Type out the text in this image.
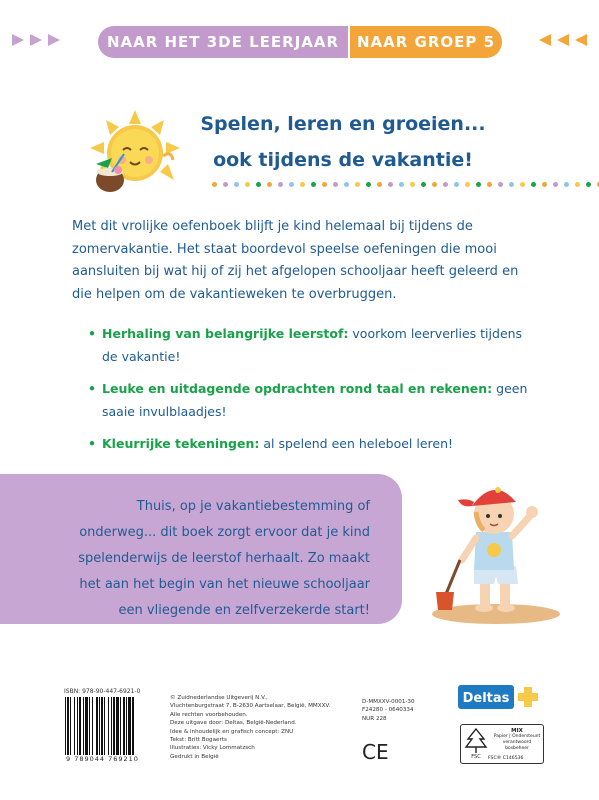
NAAR HET 3DE LEERJAAR	NAAR GROEP 5
Spelen, leren en groeien...
ook tijdens de vakantie!
Met dit vrolijke oefenboek blijft je kind helemaal bij tijdens de zomervakantie. Het staat boordevol speelse oefeningen die mooi aansluiten bij wat hij of zij het afgelopen schooljaar heeft geleerd en die helpen om de vakantieweken te overbruggen.
• Herhaling van belangrijke leerstof: voorkom leerverlies tijdens de vakantie!
• Leuke en uitdagende opdrachten rond taal en rekenen: geen saaie invulblaadjes!
• Kleurrijke tekeningen: al spelend een heleboel leren!
Thuis, op je vakantiebestemming of onderweg... dit boek zorgt ervoor dat je kind spelenderwijs de leerstof herhaalt. Zo maakt het aan het begin van het nieuwe schooljaar een vliegende en zelfverzekerde start!
ISBN: 978-90-447-6921-0
9 789044 769210
© Zuidnederlandse Uitgeverij N.V.,
Vluchtenburgstraat 7, B-2630 Aartselaar, België, MMXXV.
Alle rechten voorbehouden.
Deze uitgave door: Deltas, België-Nederland.
Idee & inhoudelijk en grafisch concept: ZNU
Tekst: Britt Bogaerts
Illustraties: Vicky Lommatzsch
Gedrukt in België
D-MMXXV-0001-30
F24280 - 0640334
NUR 228
CE
Deltas
FSC
MIX
Papier | Ondersteunt
verantwoord bosbeheer
FSC® C146536
